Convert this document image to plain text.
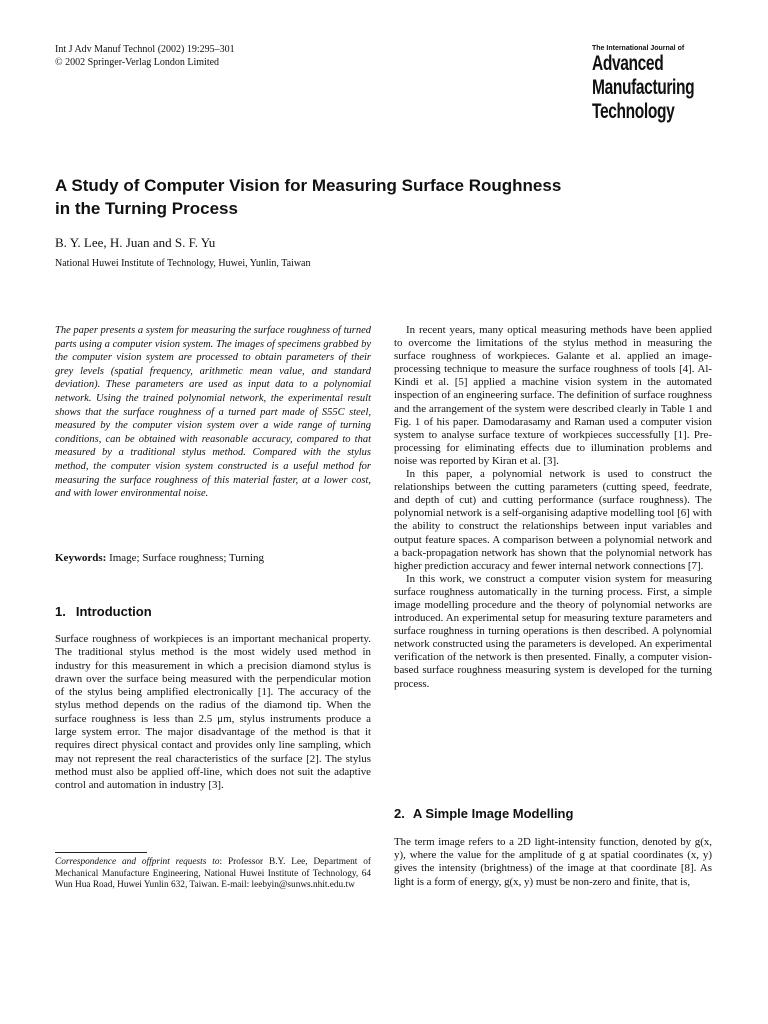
Int J Adv Manuf Technol (2002) 19:295–301
© 2002 Springer-Verlag London Limited
The International Journal of
Advanced
Manufacturing
Technology
A Study of Computer Vision for Measuring Surface Roughness
in the Turning Process
B. Y. Lee, H. Juan and S. F. Yu
National Huwei Institute of Technology, Huwei, Yunlin, Taiwan

The paper presents a system for measuring the surface roughness of turned parts using a computer vision system. The images of specimens grabbed by the computer vision system are processed to obtain parameters of their grey levels (spatial frequency, arithmetic mean value, and standard deviation). These parameters are used as input data to a polynomial network. Using the trained polynomial network, the experimental result shows that the surface roughness of a turned part made of S55C steel, measured by the computer vision system over a wide range of turning conditions, can be obtained with reasonable accuracy, compared to that measured by a traditional stylus method. Compared with the stylus method, the computer vision system constructed is a useful method for measuring the surface roughness of this material faster, at a lower cost, and with lower environmental noise.

Keywords: Image; Surface roughness; Turning
1. Introduction

Surface roughness of workpieces is an important mechanical property. The traditional stylus method is the most widely used method in industry for this measurement in which a precision diamond stylus is drawn over the surface being measured with the perpendicular motion of the stylus being amplified electronically [1]. The accuracy of the stylus method depends on the radius of the diamond tip. When the surface roughness is less than 2.5 μm, stylus instruments produce a large system error. The major disadvantage of the method is that it requires direct physical contact and provides only line sampling, which may not represent the real characteristics of the surface [2]. The stylus method must also be applied off-line, which does not suit the adaptive control and automation in industry [3].

Correspondence and offprint requests to: Professor B.Y. Lee, Department of Mechanical Manufacture Engineering, National Huwei Institute of Technology, 64 Wun Hua Road, Huwei Yunlin 632, Taiwan. E-mail: leebyin@sunws.nhit.edu.tw

In recent years, many optical measuring methods have been applied to overcome the limitations of the stylus method in measuring the surface roughness of workpieces. Galante et al. applied an image-processing technique to measure the surface roughness of tools [4]. Al-Kindi et al. [5] applied a machine vision system in the automated inspection of an engineering surface. The definition of surface roughness and the arrangement of the system were described clearly in Table 1 and Fig. 1 of his paper. Damodarasamy and Raman used a computer vision system to analyse surface texture of workpieces successfully [1]. Pre-processing for eliminating effects due to illumination problems and noise was reported by Kiran et al. [3].

In this paper, a polynomial network is used to construct the relationships between the cutting parameters (cutting speed, feedrate, and depth of cut) and cutting performance (surface roughness). The polynomial network is a self-organising adaptive modelling tool [6] with the ability to construct the relationships between input variables and output feature spaces. A comparison between a polynomial network and a back-propagation network has shown that the polynomial network has higher prediction accuracy and fewer internal network connections [7].

In this work, we construct a computer vision system for measuring surface roughness automatically in the turning process. First, a simple image modelling procedure and the theory of polynomial networks are introduced. An experimental setup for measuring texture parameters and surface roughness in turning operations is then described. A polynomial network constructed using the parameters is developed. An experimental verification of the network is then presented. Finally, a computer vision-based surface roughness measuring system is developed for the turning process.

2. A Simple Image Modelling

The term image refers to a 2D light-intensity function, denoted by g(x, y), where the value for the amplitude of g at spatial coordinates (x, y) gives the intensity (brightness) of the image at that coordinate [8]. As light is a form of energy, g(x, y) must be non-zero and finite, that is,
